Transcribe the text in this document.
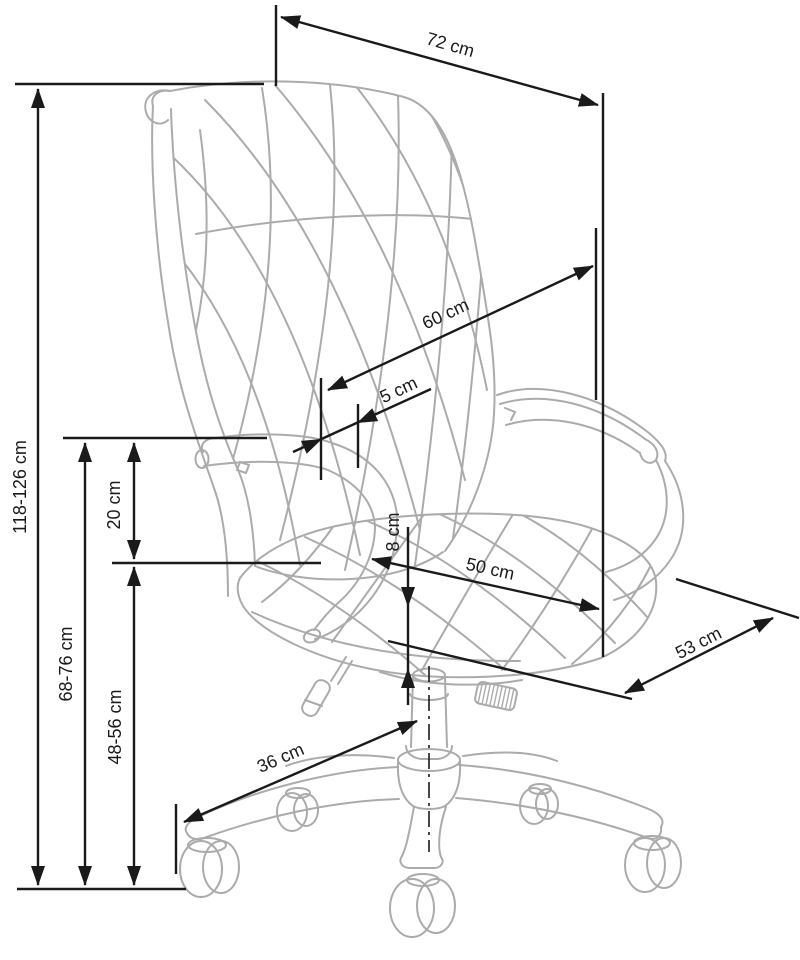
118-126 cm
68-76 cm
48-56 cm
20 cm
72 cm
60 cm
5 cm
50 cm
8 cm
36 cm
53 cm
